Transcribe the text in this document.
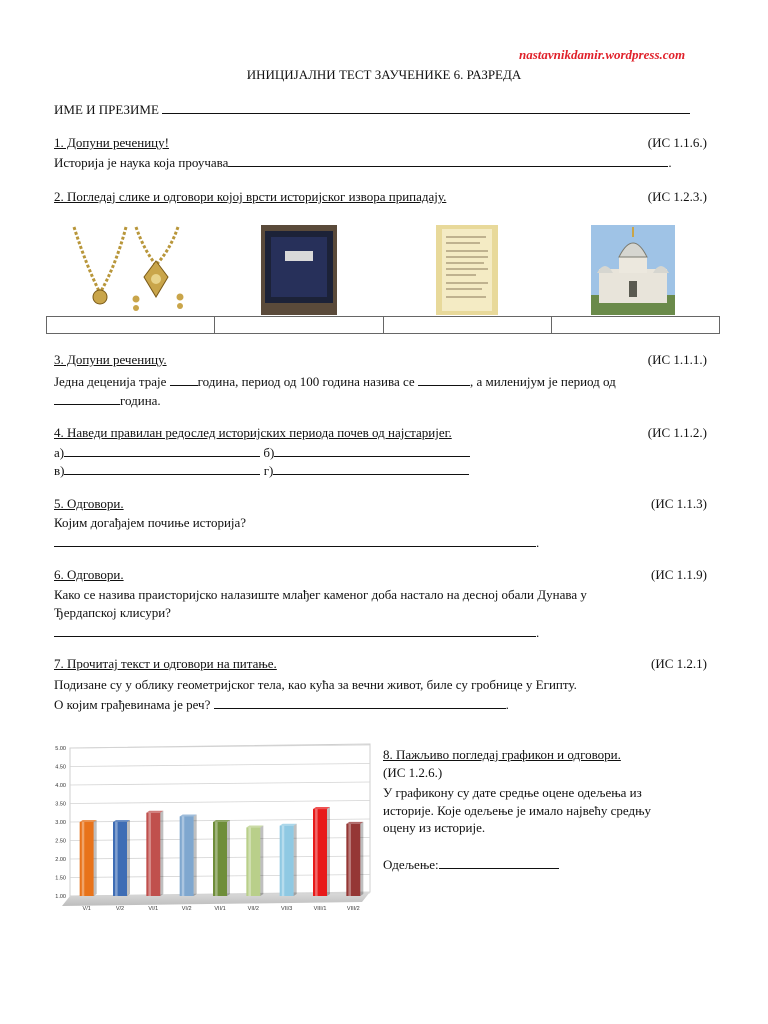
nastavnikdamir.wordpress.com
ИНИЦИЈАЛНИ ТЕСТ ЗАУЧЕНИКЕ 6. РАЗРЕДА
ИМЕ И ПРЕЗИМЕ
1. Допуни реченицу!	(ИС 1.1.6.)
Историја је наука која проучава	.
2. Погледај слике и одговори којој врсти историјског извора припадају.	(ИС 1.2.3.)
3. Допуни реченицу.	(ИС 1.1.1.)
Једна деценија траје година, период од 100 година назива се	, а миленијум је период од
година.
4. Наведи правилан редослед историјских периода почев од најстаријег.	(ИС 1.1.2.)
а)	б)
в)	г)
5. Одговори.	(ИС 1.1.3)
Којим догађајем почиње историја?
.
6. Одговори.	(ИС 1.1.9)
Како се назива праисторијско налазиште млађег каменог доба настало на десној обали Дунава у
Ђердапској клисури?
.
7. Прочитај текст и одговори на питање.	(ИС 1.2.1)
Подизане су у облику геометријског тела, као кућа за вечни живот, биле су гробнице у Египту.
О којим грађевинама је реч?	.
1.00
1.50
2.00
2.50
3.00
3.50
4.00
4.50
5.00
V/1	V/2	VI/1	VI/2	VII/1	VII/2	VII/3	VIII/1	VIII/2
8. Пажљиво погледај графикон и одговори.
(ИС 1.2.6.)
У графикону су дате средње оцене одељења из
историје. Које одељење је имало највећу средњу
оцену из историје.
Одељење:
